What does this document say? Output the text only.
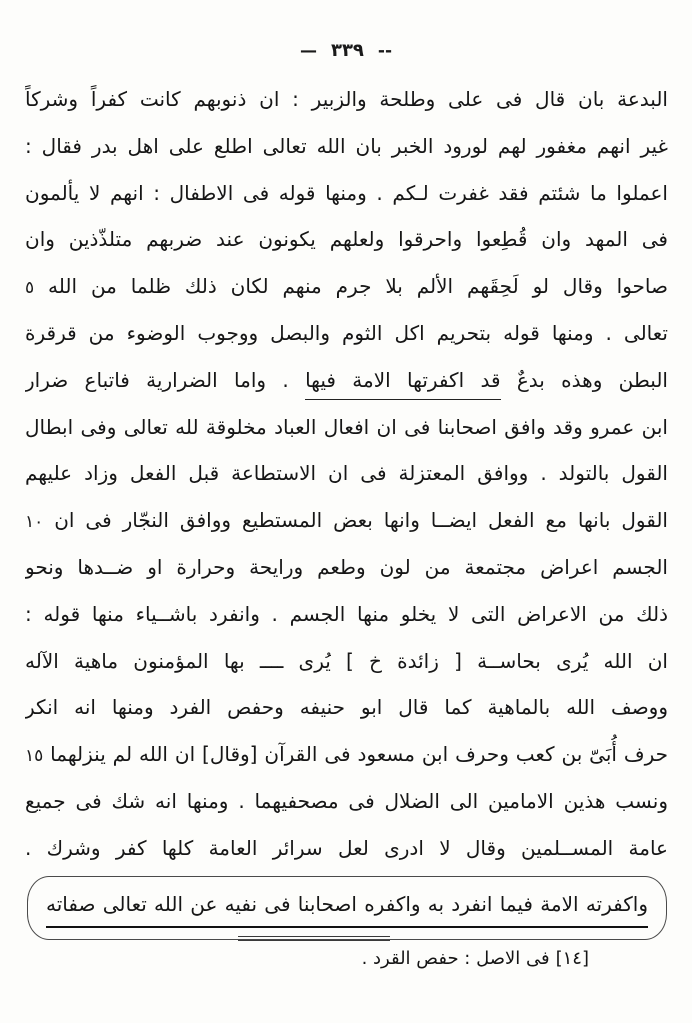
— ٣٣٩ --
البدعة بان قال فى على وطلحة والزبير : ان ذنوبهم كانت كفراً وشركاً
غير انهم مغفور لهم لورود الخبر بان الله تعالى اطلع على اهل بدر فقال :
اعملوا ما شئتم فقد غفرت لـكم . ومنها قوله فى الاطفال : انهم لا يألمون
فى المهد وان قُطِعوا واحرقوا ولعلهم يكونون عند ضربهم متلذّذين وان
صاحوا وقال لو لَحِقَهم الألم بلا جرم منهم لكان ذلك ظلما من الله ٥
تعالى . ومنها قوله بتحريم اكل الثوم والبصل ووجوب الوضوء من قرقرة
البطن وهذه بدعٌ قد اكفرتها الامة فيها . واما الضرارية فاتباع ضرار
ابن عمرو وقد وافق اصحابنا فى ان افعال العباد مخلوقة لله تعالى وفى ابطال
القول بالتولد . ووافق المعتزلة فى ان الاستطاعة قبل الفعل وزاد عليهم
القول بانها مع الفعل ايضــا وانها بعض المستطيع ووافق النجّار فى ان ١٠
الجسم اعراض مجتمعة من لون وطعم ورايحة وحرارة او ضــدها ونحو
ذلك من الاعراض التى لا يخلو منها الجسم . وانفرد باشــياء منها قوله :
ان الله يُرى بحاســة [ زائدة خ ] يُرى ــــ بها المؤمنون ماهية الآله
ووصف الله بالماهية كما قال ابو حنيفه وحفص الفرد ومنها انه انكر
حرف أُبَىّ بن كعب وحرف ابن مسعود فى القرآن [وقال] ان الله لم ينزلهما ١٥
ونسب هذين الامامين الى الضلال فى مصحفيهما . ومنها انه شك فى جميع
عامة المســلمين وقال لا ادرى لعل سرائر العامة كلها كفر وشرك .
واكفرته الامة فيما انفرد به واكفره اصحابنا فى نفيه عن الله تعالى صفاته
[١٤]فى الاصل : حفص القرد .
